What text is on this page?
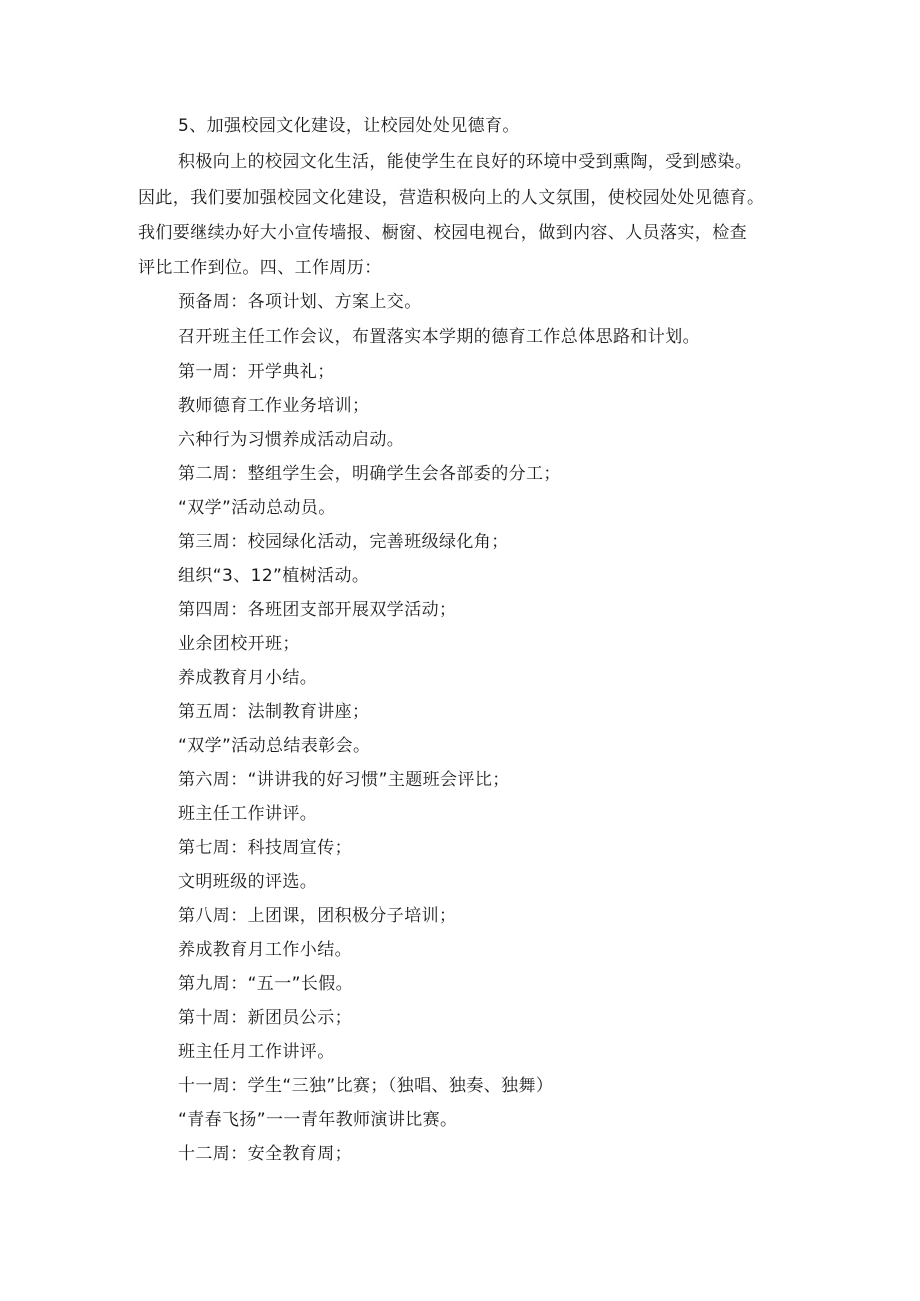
5、加强校园文化建设，让校园处处见德育。
积极向上的校园文化生活，能使学生在良好的环境中受到熏陶，受到感染。
因此，我们要加强校园文化建设，营造积极向上的人文氛围，使校园处处见德育。
我们要继续办好大小宣传墙报、橱窗、校园电视台，做到内容、人员落实，检查
评比工作到位。四、工作周历：
预备周：各项计划、方案上交。
召开班主任工作会议，布置落实本学期的德育工作总体思路和计划。
第一周：开学典礼；
教师德育工作业务培训；
六种行为习惯养成活动启动。
第二周：整组学生会，明确学生会各部委的分工；
“双学”活动总动员。
第三周：校园绿化活动，完善班级绿化角；
组织“3、12”植树活动。
第四周：各班团支部开展双学活动；
业余团校开班；
养成教育月小结。
第五周：法制教育讲座；
“双学”活动总结表彰会。
第六周：“讲讲我的好习惯”主题班会评比；
班主任工作讲评。
第七周：科技周宣传；
文明班级的评选。
第八周：上团课，团积极分子培训；
养成教育月工作小结。
第九周：“五一”长假。
第十周：新团员公示；
班主任月工作讲评。
十一周：学生“三独”比赛；（独唱、独奏、独舞）
“青春飞扬”一一青年教师演讲比赛。
十二周：安全教育周；
